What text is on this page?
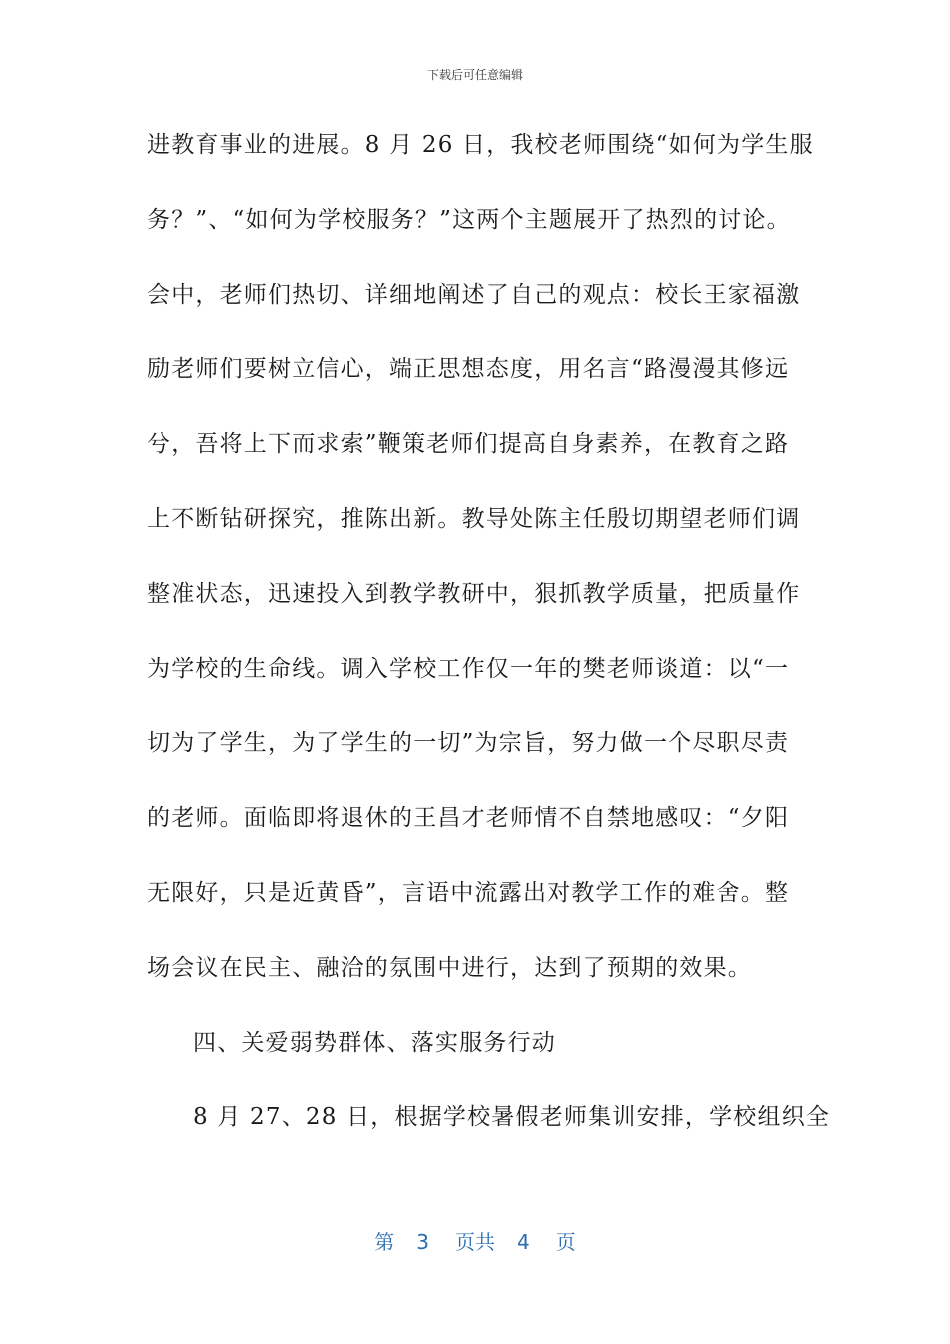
下载后可任意编辑
进教育事业的进展。8 月 26 日，我校老师围绕“如何为学生服
务？”、“如何为学校服务？”这两个主题展开了热烈的讨论。
会中，老师们热切、详细地阐述了自己的观点：校长王家福激
励老师们要树立信心，端正思想态度，用名言“路漫漫其修远
兮，吾将上下而求索”鞭策老师们提高自身素养，在教育之路
上不断钻研探究，推陈出新。教导处陈主任殷切期望老师们调
整准状态，迅速投入到教学教研中，狠抓教学质量，把质量作
为学校的生命线。调入学校工作仅一年的樊老师谈道：以“一
切为了学生，为了学生的一切”为宗旨，努力做一个尽职尽责
的老师。面临即将退休的王昌才老师情不自禁地感叹：“夕阳
无限好，只是近黄昏”，言语中流露出对教学工作的难舍。整
场会议在民主、融洽的氛围中进行，达到了预期的效果。
四、关爱弱势群体、落实服务行动
8 月 27、28 日，根据学校暑假老师集训安排，学校组织全
第 3 页共 4 页
